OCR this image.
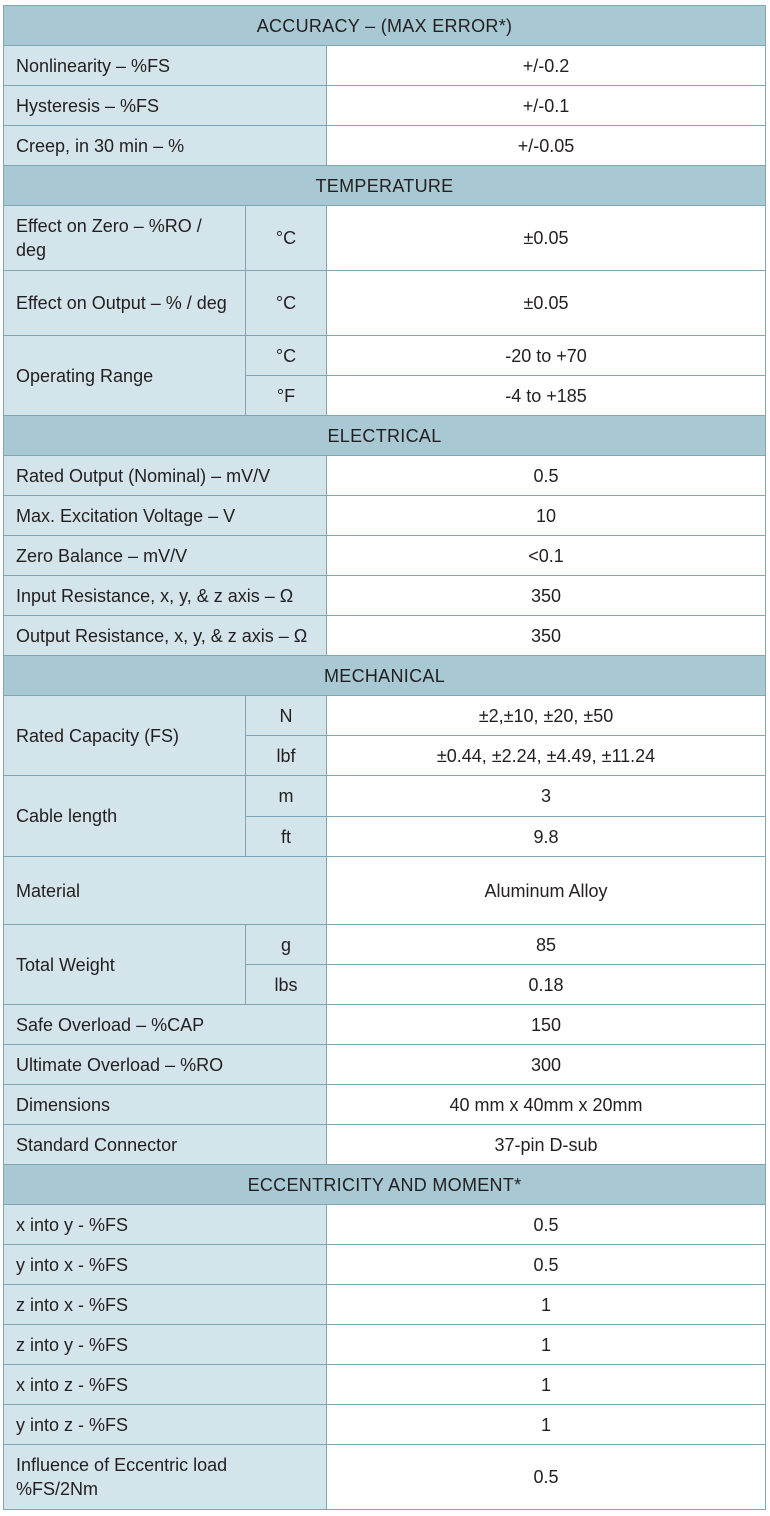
ACCURACY – (MAX ERROR*)		
Nonlinearity – %FS		+/-0.2
Hysteresis – %FS		+/-0.1
Creep, in 30 min – %		+/-0.05
TEMPERATURE		
Effect on Zero – %RO / deg	°C	±0.05
Effect on Output – % / deg	°C	±0.05
Operating Range	°C	-20 to +70
	°F	-4 to +185
ELECTRICAL		
Rated Output (Nominal) – mV/V		0.5
Max. Excitation Voltage – V		10
Zero Balance – mV/V		<0.1
Input Resistance, x, y, & z axis – Ω		350
Output Resistance, x, y, & z axis – Ω		350
MECHANICAL		
Rated Capacity (FS)	N	±2,±10, ±20, ±50
	lbf	±0.44, ±2.24, ±4.49, ±11.24
Cable length	m	3
	ft	9.8
Material		Aluminum Alloy
Total Weight	g	85
	lbs	0.18
Safe Overload – %CAP		150
Ultimate Overload – %RO		300
Dimensions		40 mm x 40mm x 20mm
Standard Connector		37-pin D-sub
ECCENTRICITY AND MOMENT*		
x into y - %FS		0.5
y into x - %FS		0.5
z into x - %FS		1
z into y - %FS		1
x into z - %FS		1
y into z - %FS		1
Influence of Eccentric load %FS/2Nm		0.5
